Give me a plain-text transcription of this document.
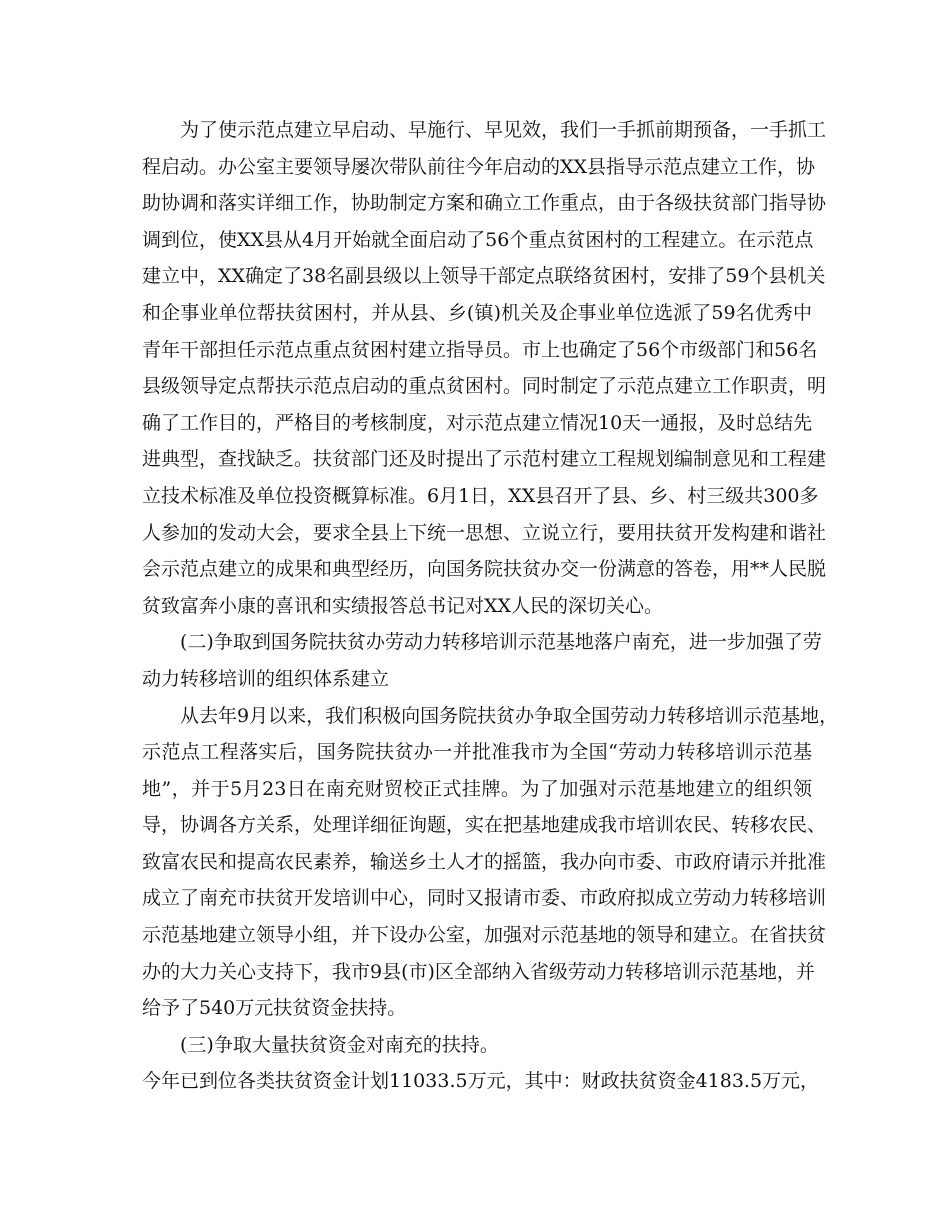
为了使示范点建立早启动、早施行、早见效，我们一手抓前期预备，一手抓工
程启动。办公室主要领导屡次带队前往今年启动的XX县指导示范点建立工作，协
助协调和落实详细工作，协助制定方案和确立工作重点，由于各级扶贫部门指导协
调到位，使XX县从4月开始就全面启动了56个重点贫困村的工程建立。在示范点
建立中，XX确定了38名副县级以上领导干部定点联络贫困村，安排了59个县机关
和企事业单位帮扶贫困村，并从县、乡(镇)机关及企事业单位选派了59名优秀中
青年干部担任示范点重点贫困村建立指导员。市上也确定了56个市级部门和56名
县级领导定点帮扶示范点启动的重点贫困村。同时制定了示范点建立工作职责，明
确了工作目的，严格目的考核制度，对示范点建立情况10天一通报，及时总结先
进典型，查找缺乏。扶贫部门还及时提出了示范村建立工程规划编制意见和工程建
立技术标准及单位投资概算标准。6月1日，XX县召开了县、乡、村三级共300多
人参加的发动大会，要求全县上下统一思想、立说立行，要用扶贫开发构建和谐社
会示范点建立的成果和典型经历，向国务院扶贫办交一份满意的答卷，用**人民脱
贫致富奔小康的喜讯和实绩报答总书记对XX人民的深切关心。
(二)争取到国务院扶贫办劳动力转移培训示范基地落户南充，进一步加强了劳
动力转移培训的组织体系建立
从去年9月以来，我们积极向国务院扶贫办争取全国劳动力转移培训示范基地，
示范点工程落实后，国务院扶贫办一并批准我市为全国“劳动力转移培训示范基
地”，并于5月23日在南充财贸校正式挂牌。为了加强对示范基地建立的组织领
导，协调各方关系，处理详细征询题，实在把基地建成我市培训农民、转移农民、
致富农民和提高农民素养，输送乡土人才的摇篮，我办向市委、市政府请示并批准
成立了南充市扶贫开发培训中心，同时又报请市委、市政府拟成立劳动力转移培训
示范基地建立领导小组，并下设办公室，加强对示范基地的领导和建立。在省扶贫
办的大力关心支持下，我市9县(市)区全部纳入省级劳动力转移培训示范基地，并
给予了540万元扶贫资金扶持。
(三)争取大量扶贫资金对南充的扶持。
今年已到位各类扶贫资金计划11033.5万元，其中：财政扶贫资金4183.5万元，
